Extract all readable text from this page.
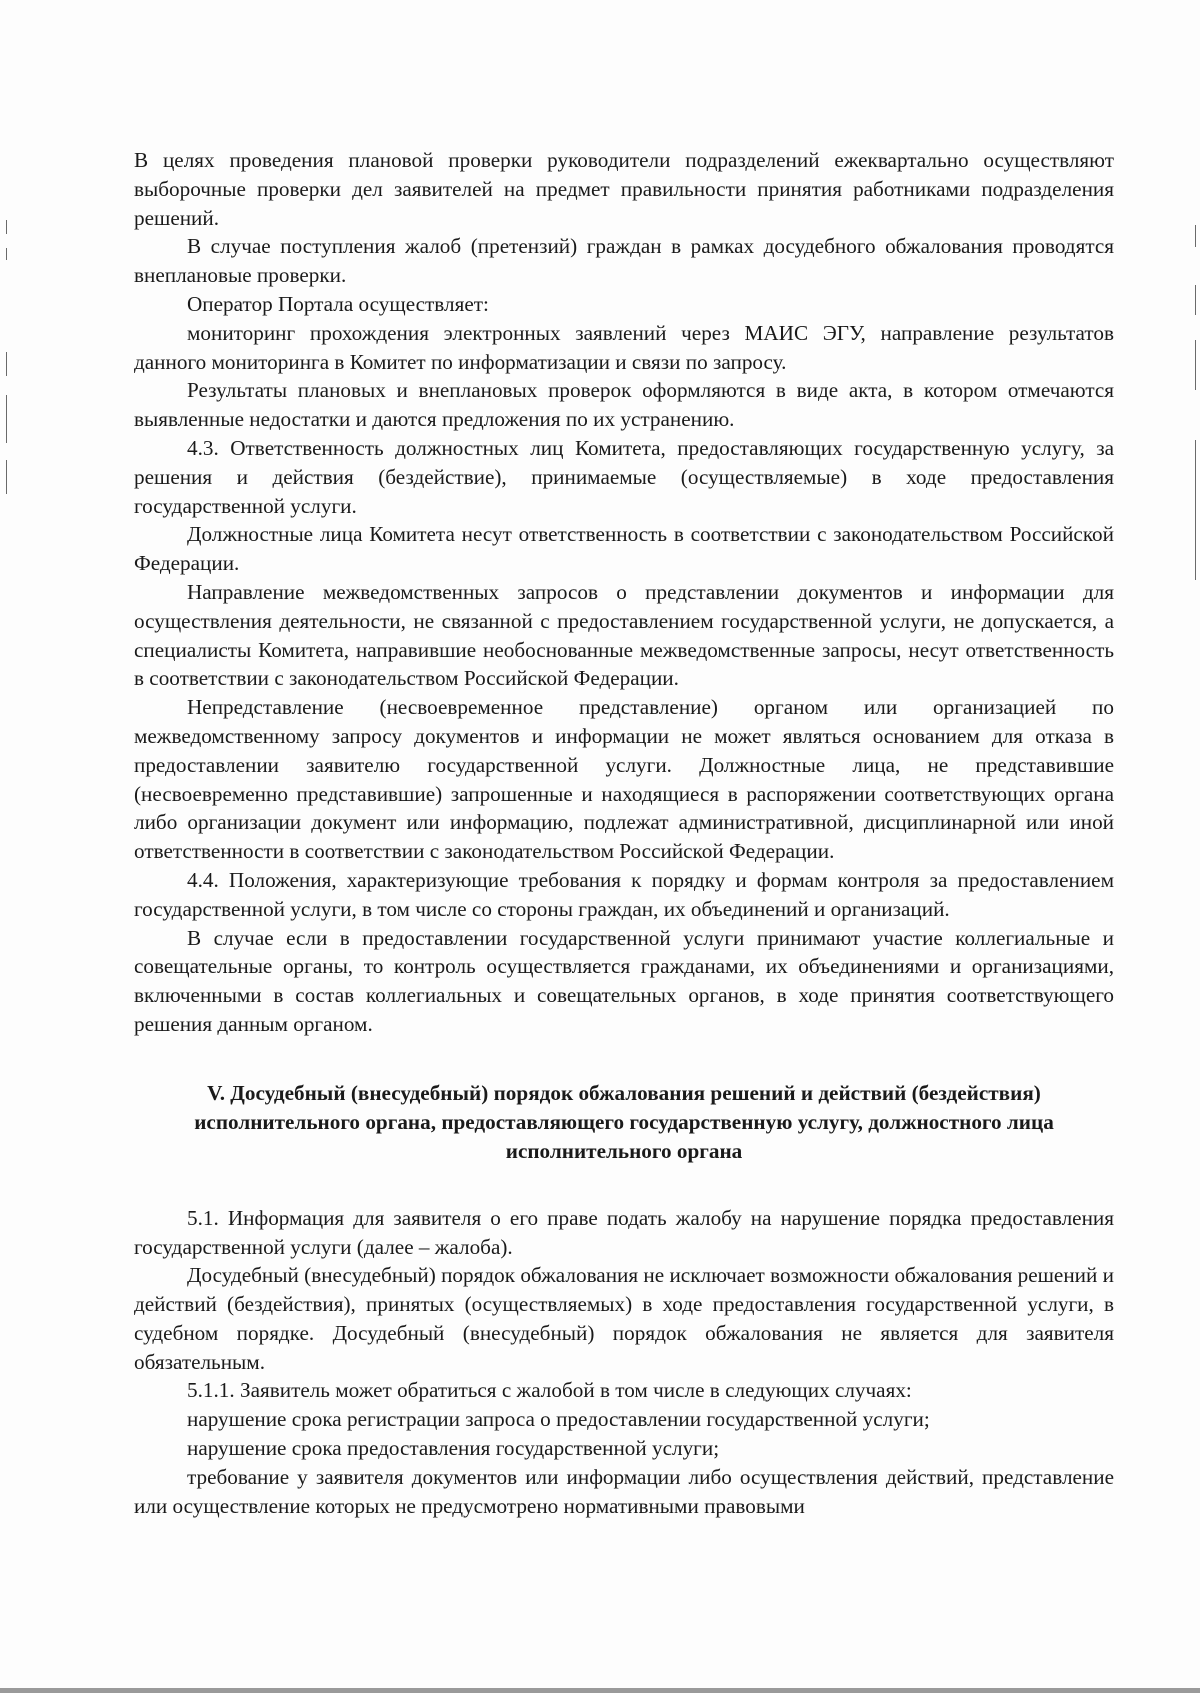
В целях проведения плановой проверки руководители подразделений ежеквартально осуществляют выборочные проверки дел заявителей на предмет правильности принятия работниками подразделения решений.

В случае поступления жалоб (претензий) граждан в рамках досудебного обжалования проводятся внеплановые проверки.

Оператор Портала осуществляет:

мониторинг прохождения электронных заявлений через МАИС ЭГУ, направление результатов данного мониторинга в Комитет по информатизации и связи по запросу.

Результаты плановых и внеплановых проверок оформляются в виде акта, в котором отмечаются выявленные недостатки и даются предложения по их устранению.

4.3. Ответственность должностных лиц Комитета, предоставляющих государственную услугу, за решения и действия (бездействие), принимаемые (осуществляемые) в ходе предоставления государственной услуги.

Должностные лица Комитета несут ответственность в соответствии с законодательством Российской Федерации.

Направление межведомственных запросов о представлении документов и информации для осуществления деятельности, не связанной с предоставлением государственной услуги, не допускается, а специалисты Комитета, направившие необоснованные межведомственные запросы, несут ответственность в соответствии с законодательством Российской Федерации.

Непредставление (несвоевременное представление) органом или организацией по межведомственному запросу документов и информации не может являться основанием для отказа в предоставлении заявителю государственной услуги. Должностные лица, не представившие (несвоевременно представившие) запрошенные и находящиеся в распоряжении соответствующих органа либо организации документ или информацию, подлежат административной, дисциплинарной или иной ответственности в соответствии с законодательством Российской Федерации.

4.4. Положения, характеризующие требования к порядку и формам контроля за предоставлением государственной услуги, в том числе со стороны граждан, их объединений и организаций.

В случае если в предоставлении государственной услуги принимают участие коллегиальные и совещательные органы, то контроль осуществляется гражданами, их объединениями и организациями, включенными в состав коллегиальных и совещательных органов, в ходе принятия соответствующего решения данным органом.

V. Досудебный (внесудебный) порядок обжалования решений и действий (бездействия) исполнительного органа, предоставляющего государственную услугу, должностного лица исполнительного органа

5.1. Информация для заявителя о его праве подать жалобу на нарушение порядка предоставления государственной услуги (далее – жалоба).

Досудебный (внесудебный) порядок обжалования не исключает возможности обжалования решений и действий (бездействия), принятых (осуществляемых) в ходе предоставления государственной услуги, в судебном порядке. Досудебный (внесудебный) порядок обжалования не является для заявителя обязательным.

5.1.1. Заявитель может обратиться с жалобой в том числе в следующих случаях:

нарушение срока регистрации запроса о предоставлении государственной услуги;

нарушение срока предоставления государственной услуги;

требование у заявителя документов или информации либо осуществления действий, представление или осуществление которых не предусмотрено нормативными правовыми
